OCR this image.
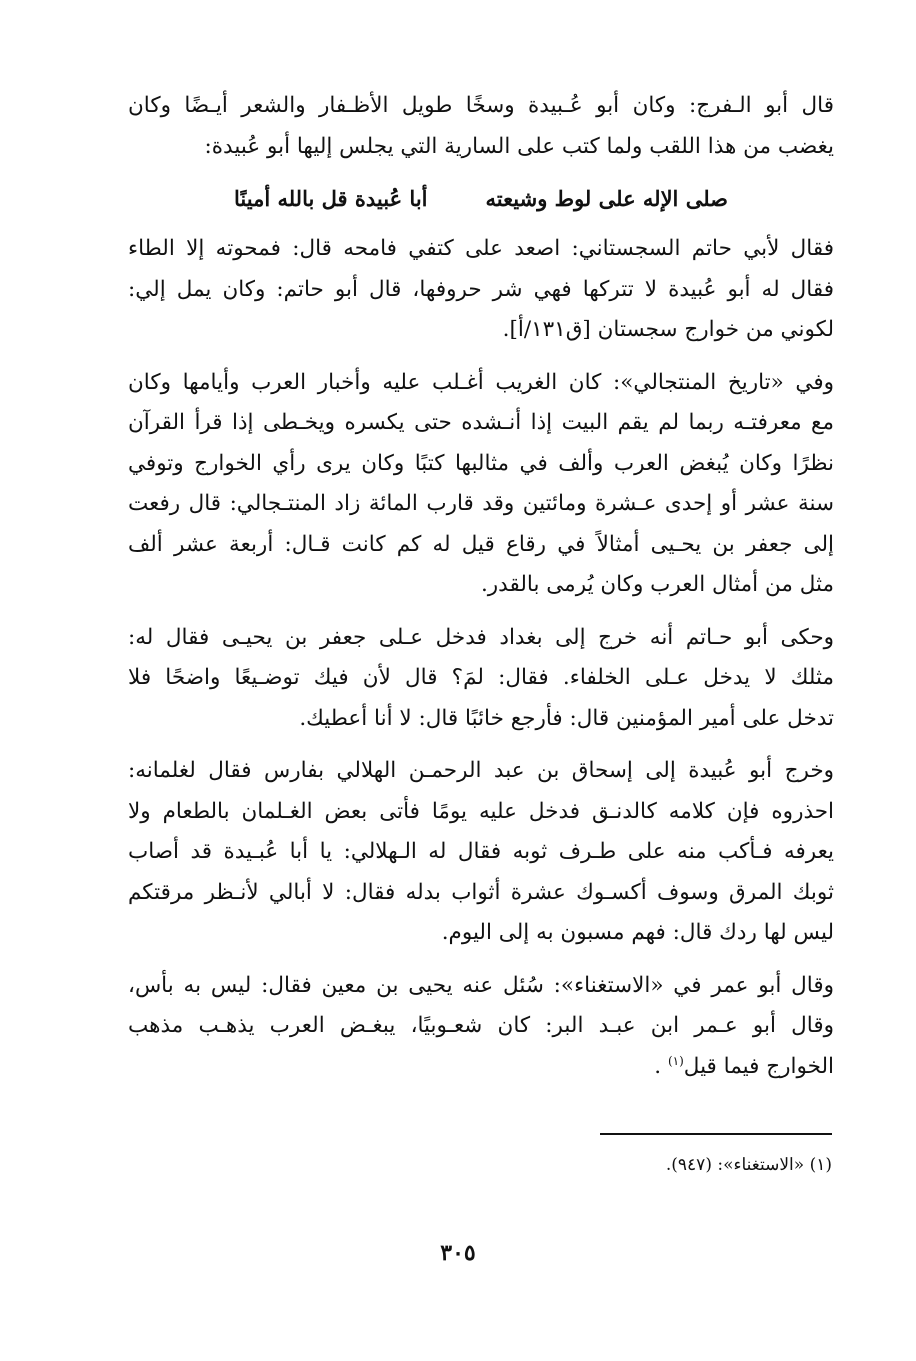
قال أبو الـفرج: وكان أبو عُـبيدة وسخًا طويل الأظـفار والشعر أيـضًا وكان
يغضب من هذا اللقب ولما كتب على السارية التي يجلس إليها أبو عُبيدة:

صلى الإله على لوط وشيعته
أبا عُبيدة قل بالله أمينًا

فقال لأبي حاتم السجستاني: اصعد على كتفي فامحه قال: فمحوته إلا الطاء
فقال له أبو عُبيدة لا تتركها فهي شر حروفها، قال أبو حاتم: وكان يمل إلي:
لكوني من خوارج سجستان [ق١٣١/أ].

وفي «تاريخ المنتجالي»: كان الغريب أغـلب عليه وأخبار العرب وأيامها وكان
مع معرفتـه ربما لم يقم البيت إذا أنـشده حتى يكسره ويخـطى إذا قرأ القرآن
نظرًا وكان يُبغض العرب وألف في مثالبها كتبًا وكان يرى رأي الخوارج وتوفي
سنة عشر أو إحدى عـشرة ومائتين وقد قارب المائة زاد المنتـجالي: قال رفعت
إلى جعفر بن يحـيى أمثالاً في رقاع قيل له كم كانت قـال: أربعة عشر ألف
مثل من أمثال العرب وكان يُرمى بالقدر.

وحكى أبو حـاتم أنه خرج إلى بغداد فدخل عـلى جعفر بن يحيـى فقال له:
مثلك لا يدخل عـلى الخلفاء. فقال: لمَ؟ قال لأن فيك توضـيعًا واضحًا فلا
تدخل على أمير المؤمنين قال: فأرجع خائبًا قال: لا أنا أعطيك.

وخرج أبو عُبيدة إلى إسحاق بن عبد الرحمـن الهلالي بفارس فقال لغلمانه:
احذروه فإن كلامه كالدنـق فدخل عليه يومًا فأتى بعض الغـلمان بالطعام ولا
يعرفه فـأكب منه على طـرف ثوبه فقال له الـهلالي: يا أبا عُبـيدة قد أصاب
ثوبك المرق وسوف أكسـوك عشرة أثواب بدله فقال: لا أبالي لأنـظر مرقتكم
ليس لها ردك قال: فهم مسبون به إلى اليوم.

وقال أبو عمر في «الاستغناء»: سُئل عنه يحيى بن معين فقال: ليس به بأس،
وقال أبو عـمر ابن عبـد البر: كان شعـوبيًا، يبغـض العرب يذهـب مذهب
الخوارج فيما قيل$^{(١)}$ .

(١) «الاستغناء»: (٩٤٧).
٣٠٥
